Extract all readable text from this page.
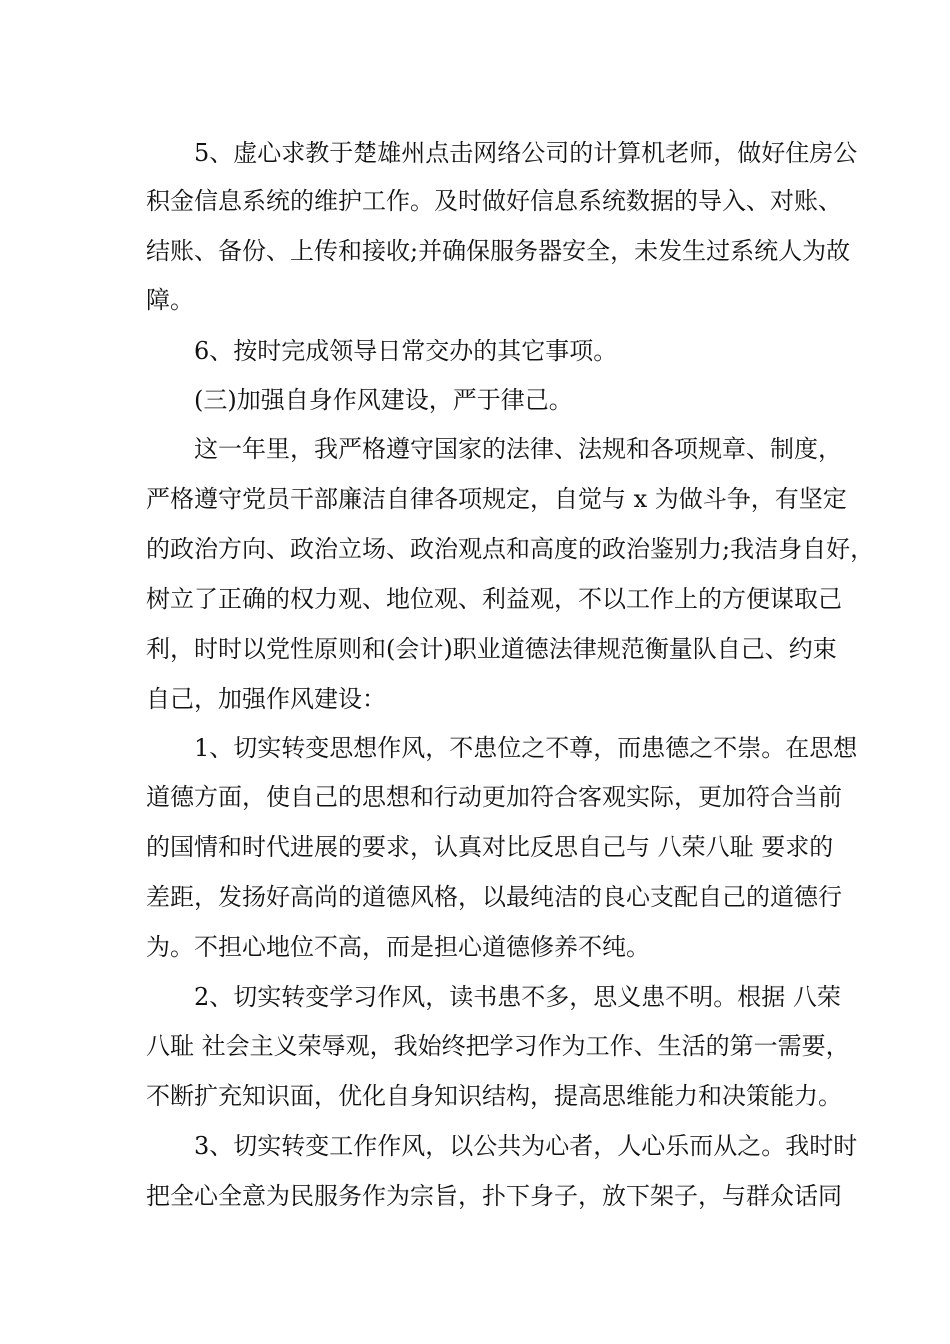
　　5、虚心求教于楚雄州点击网络公司的计算机老师，做好住房公
积金信息系统的维护工作。及时做好信息系统数据的导入、对账、
结账、备份、上传和接收;并确保服务器安全，未发生过系统人为故
障。
　　6、按时完成领导日常交办的其它事项。
　　(三)加强自身作风建设，严于律己。
　　这一年里，我严格遵守国家的法律、法规和各项规章、制度，
严格遵守党员干部廉洁自律各项规定，自觉与 x 为做斗争，有坚定
的政治方向、政治立场、政治观点和高度的政治鉴别力;我洁身自好，
树立了正确的权力观、地位观、利益观，不以工作上的方便谋取己
利，时时以党性原则和(会计)职业道德法律规范衡量队自己、约束
自己，加强作风建设：
　　1、切实转变思想作风，不患位之不尊，而患德之不崇。在思想
道德方面，使自己的思想和行动更加符合客观实际，更加符合当前
的国情和时代进展的要求，认真对比反思自己与 八荣八耻 要求的
差距，发扬好高尚的道德风格，以最纯洁的良心支配自己的道德行
为。不担心地位不高，而是担心道德修养不纯。
　　2、切实转变学习作风，读书患不多，思义患不明。根据 八荣
八耻 社会主义荣辱观，我始终把学习作为工作、生活的第一需要，
不断扩充知识面，优化自身知识结构，提高思维能力和决策能力。
　　3、切实转变工作作风，以公共为心者，人心乐而从之。我时时
把全心全意为民服务作为宗旨，扑下身子，放下架子，与群众话同
